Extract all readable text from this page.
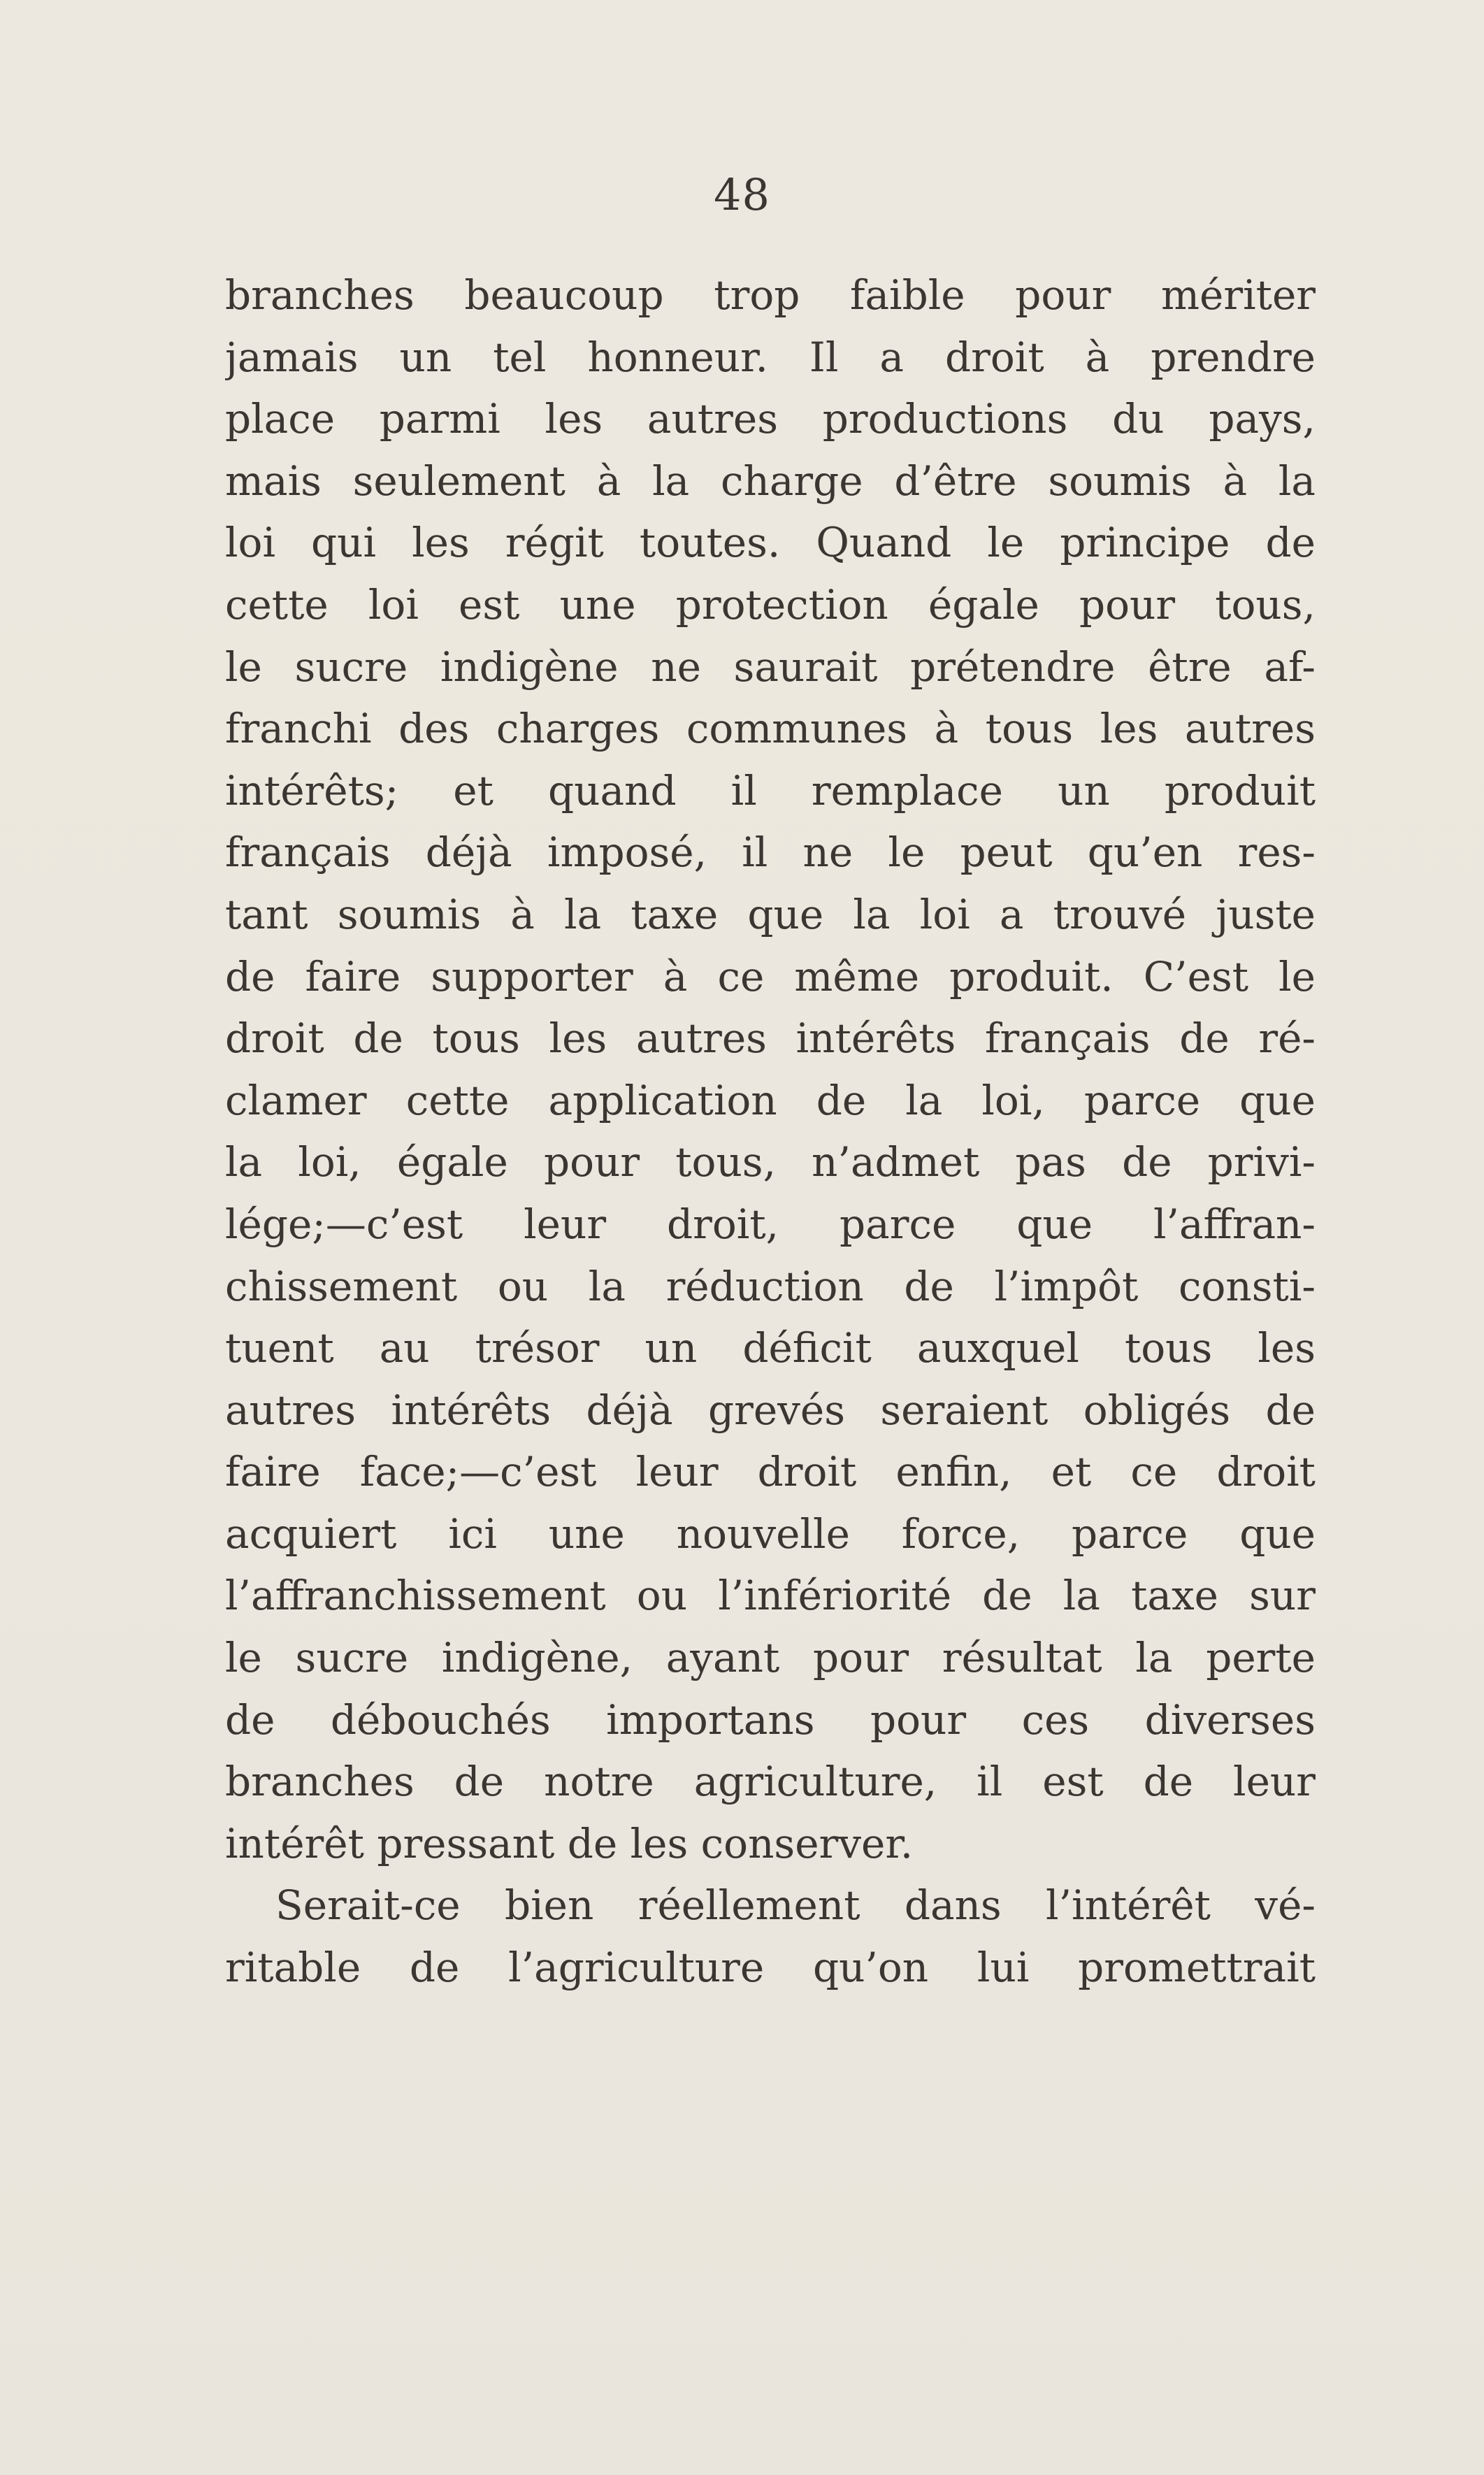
48
branches beaucoup trop faible pour mériter
jamais un tel honneur. Il a droit à prendre
place parmi les autres productions du pays,
mais seulement à la charge d’être soumis à la
loi qui les régit toutes. Quand le principe de
cette loi est une protection égale pour tous,
le sucre indigène ne saurait prétendre être af-
franchi des charges communes à tous les autres
intérêts; et quand il remplace un produit
français déjà imposé, il ne le peut qu’en res-
tant soumis à la taxe que la loi a trouvé juste
de faire supporter à ce même produit. C’est le
droit de tous les autres intérêts français de ré-
clamer cette application de la loi, parce que
la loi, égale pour tous, n’admet pas de privi-
lége;—c’est leur droit, parce que l’affran-
chissement ou la réduction de l’impôt consti-
tuent au trésor un déficit auxquel tous les
autres intérêts déjà grevés seraient obligés de
faire face;—c’est leur droit enfin, et ce droit
acquiert ici une nouvelle force, parce que
l’affranchissement ou l’infériorité de la taxe sur
le sucre indigène, ayant pour résultat la perte
de débouchés importans pour ces diverses
branches de notre agriculture, il est de leur
intérêt pressant de les conserver.
Serait-ce bien réellement dans l’intérêt vé-
ritable de l’agriculture qu’on lui promettrait
